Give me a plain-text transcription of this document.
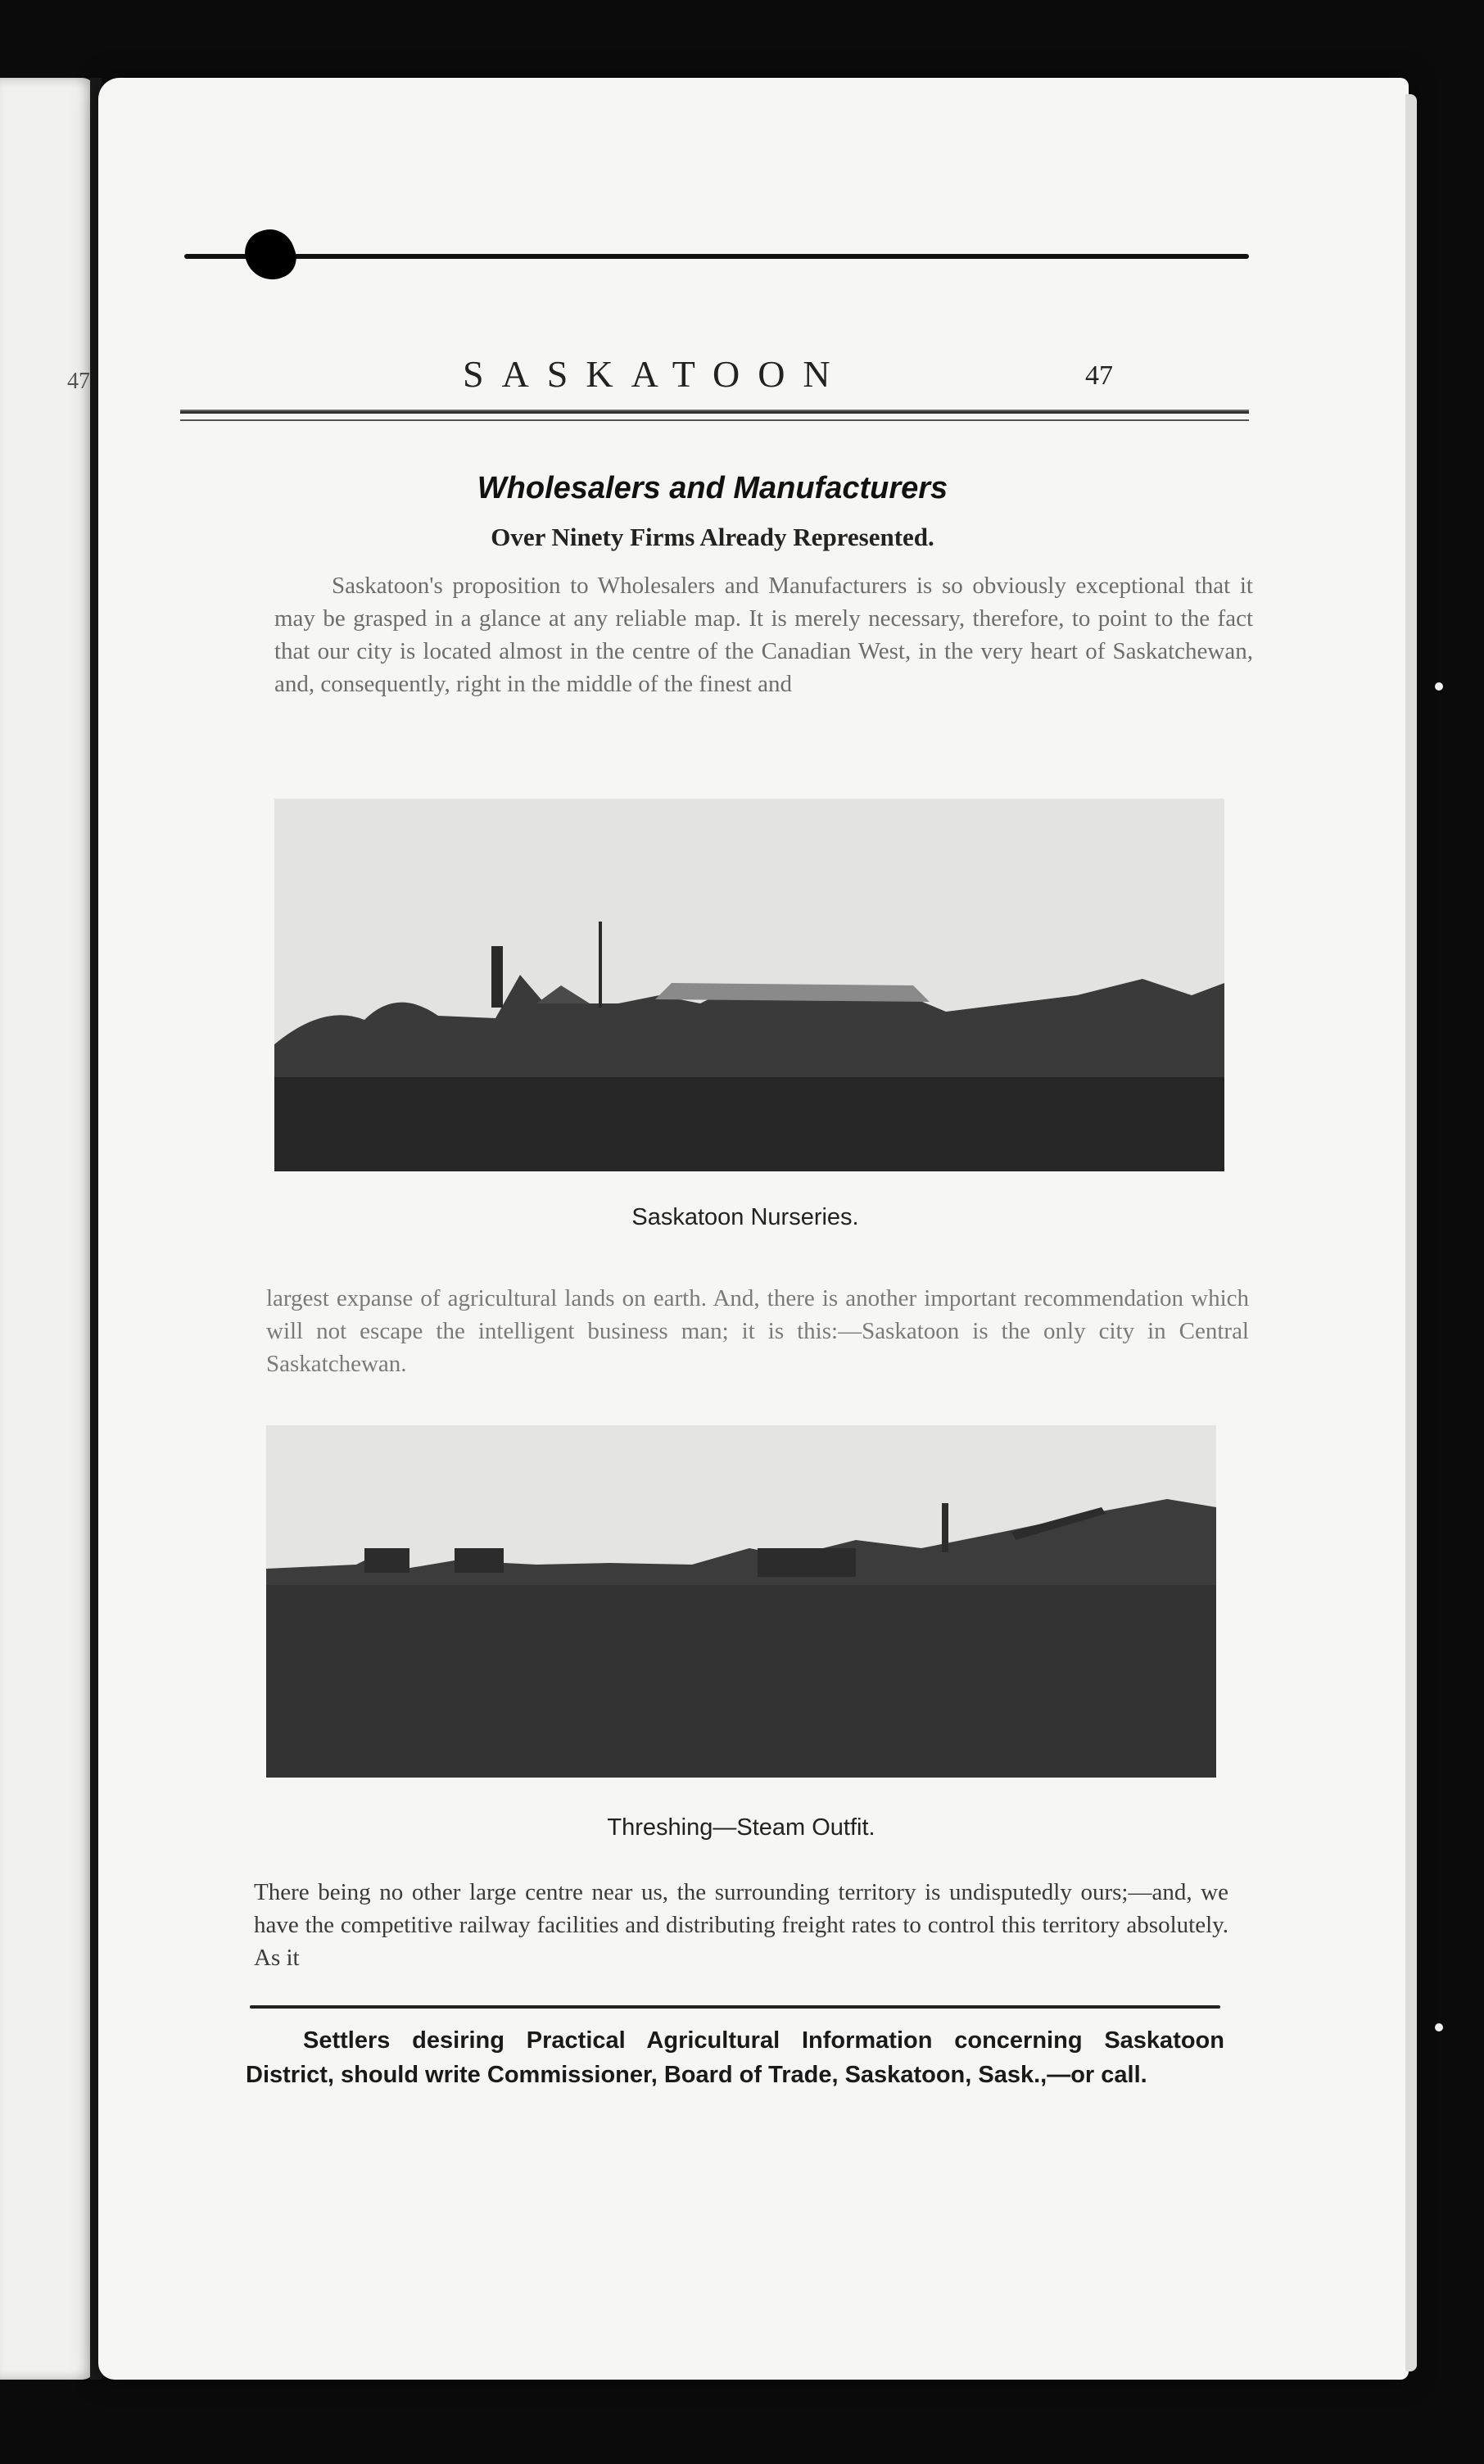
47	SASKATOON	47
Wholesalers and Manufacturers
Over Ninety Firms Already Represented.
Saskatoon's proposition to Wholesalers and Manufacturers is so obviously exceptional that it may be grasped in a glance at any reliable map. It is merely necessary, therefore, to point to the fact that our city is located almost in the centre of the Canadian West, in the very heart of Saskatchewan, and, consequently, right in the middle of the finest and
Saskatoon Nurseries.
largest expanse of agricultural lands on earth. And, there is another important recommendation which will not escape the intelligent business man; it is this:—Saskatoon is the only city in Central Saskatchewan.
Threshing—Steam Outfit.
There being no other large centre near us, the surrounding territory is undisputedly ours;—and, we have the competitive railway facilities and distributing freight rates to control this territory absolutely. As it
Settlers desiring Practical Agricultural Information concerning Saskatoon District, should write Commissioner, Board of Trade, Saskatoon, Sask.,—or call.
